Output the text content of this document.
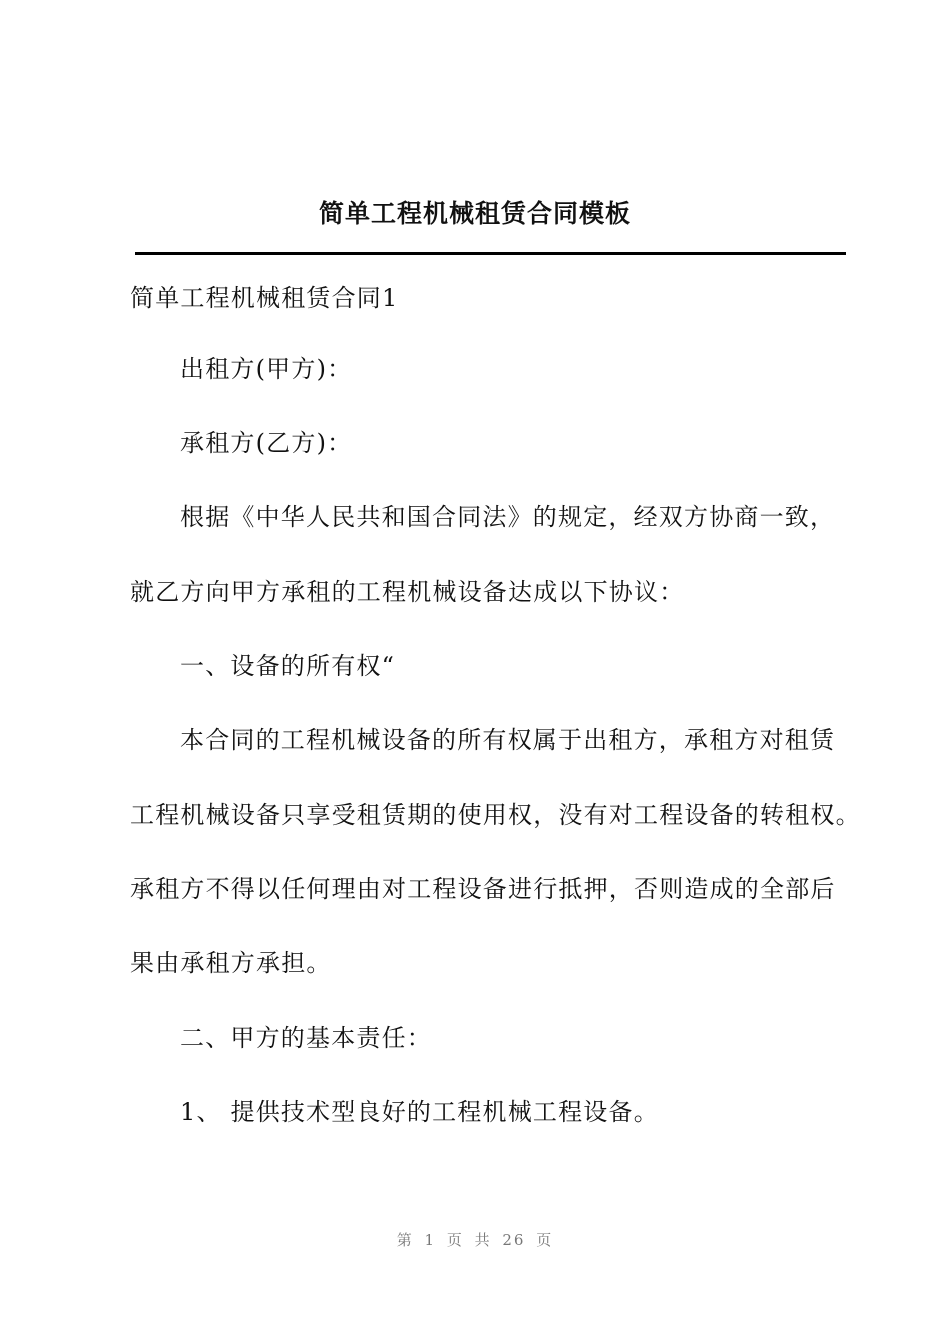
简单工程机械租赁合同模板
简单工程机械租赁合同1
出租方(甲方)：
承租方(乙方)：
根据《中华人民共和国合同法》的规定，经双方协商一致，
就乙方向甲方承租的工程机械设备达成以下协议：
一、设备的所有权“
本合同的工程机械设备的所有权属于出租方，承租方对租赁
工程机械设备只享受租赁期的使用权，没有对工程设备的转租权。
承租方不得以任何理由对工程设备进行抵押，否则造成的全部后
果由承租方承担。
二、甲方的基本责任：
1、 提供技术型良好的工程机械工程设备。
第 1 页 共 26 页
